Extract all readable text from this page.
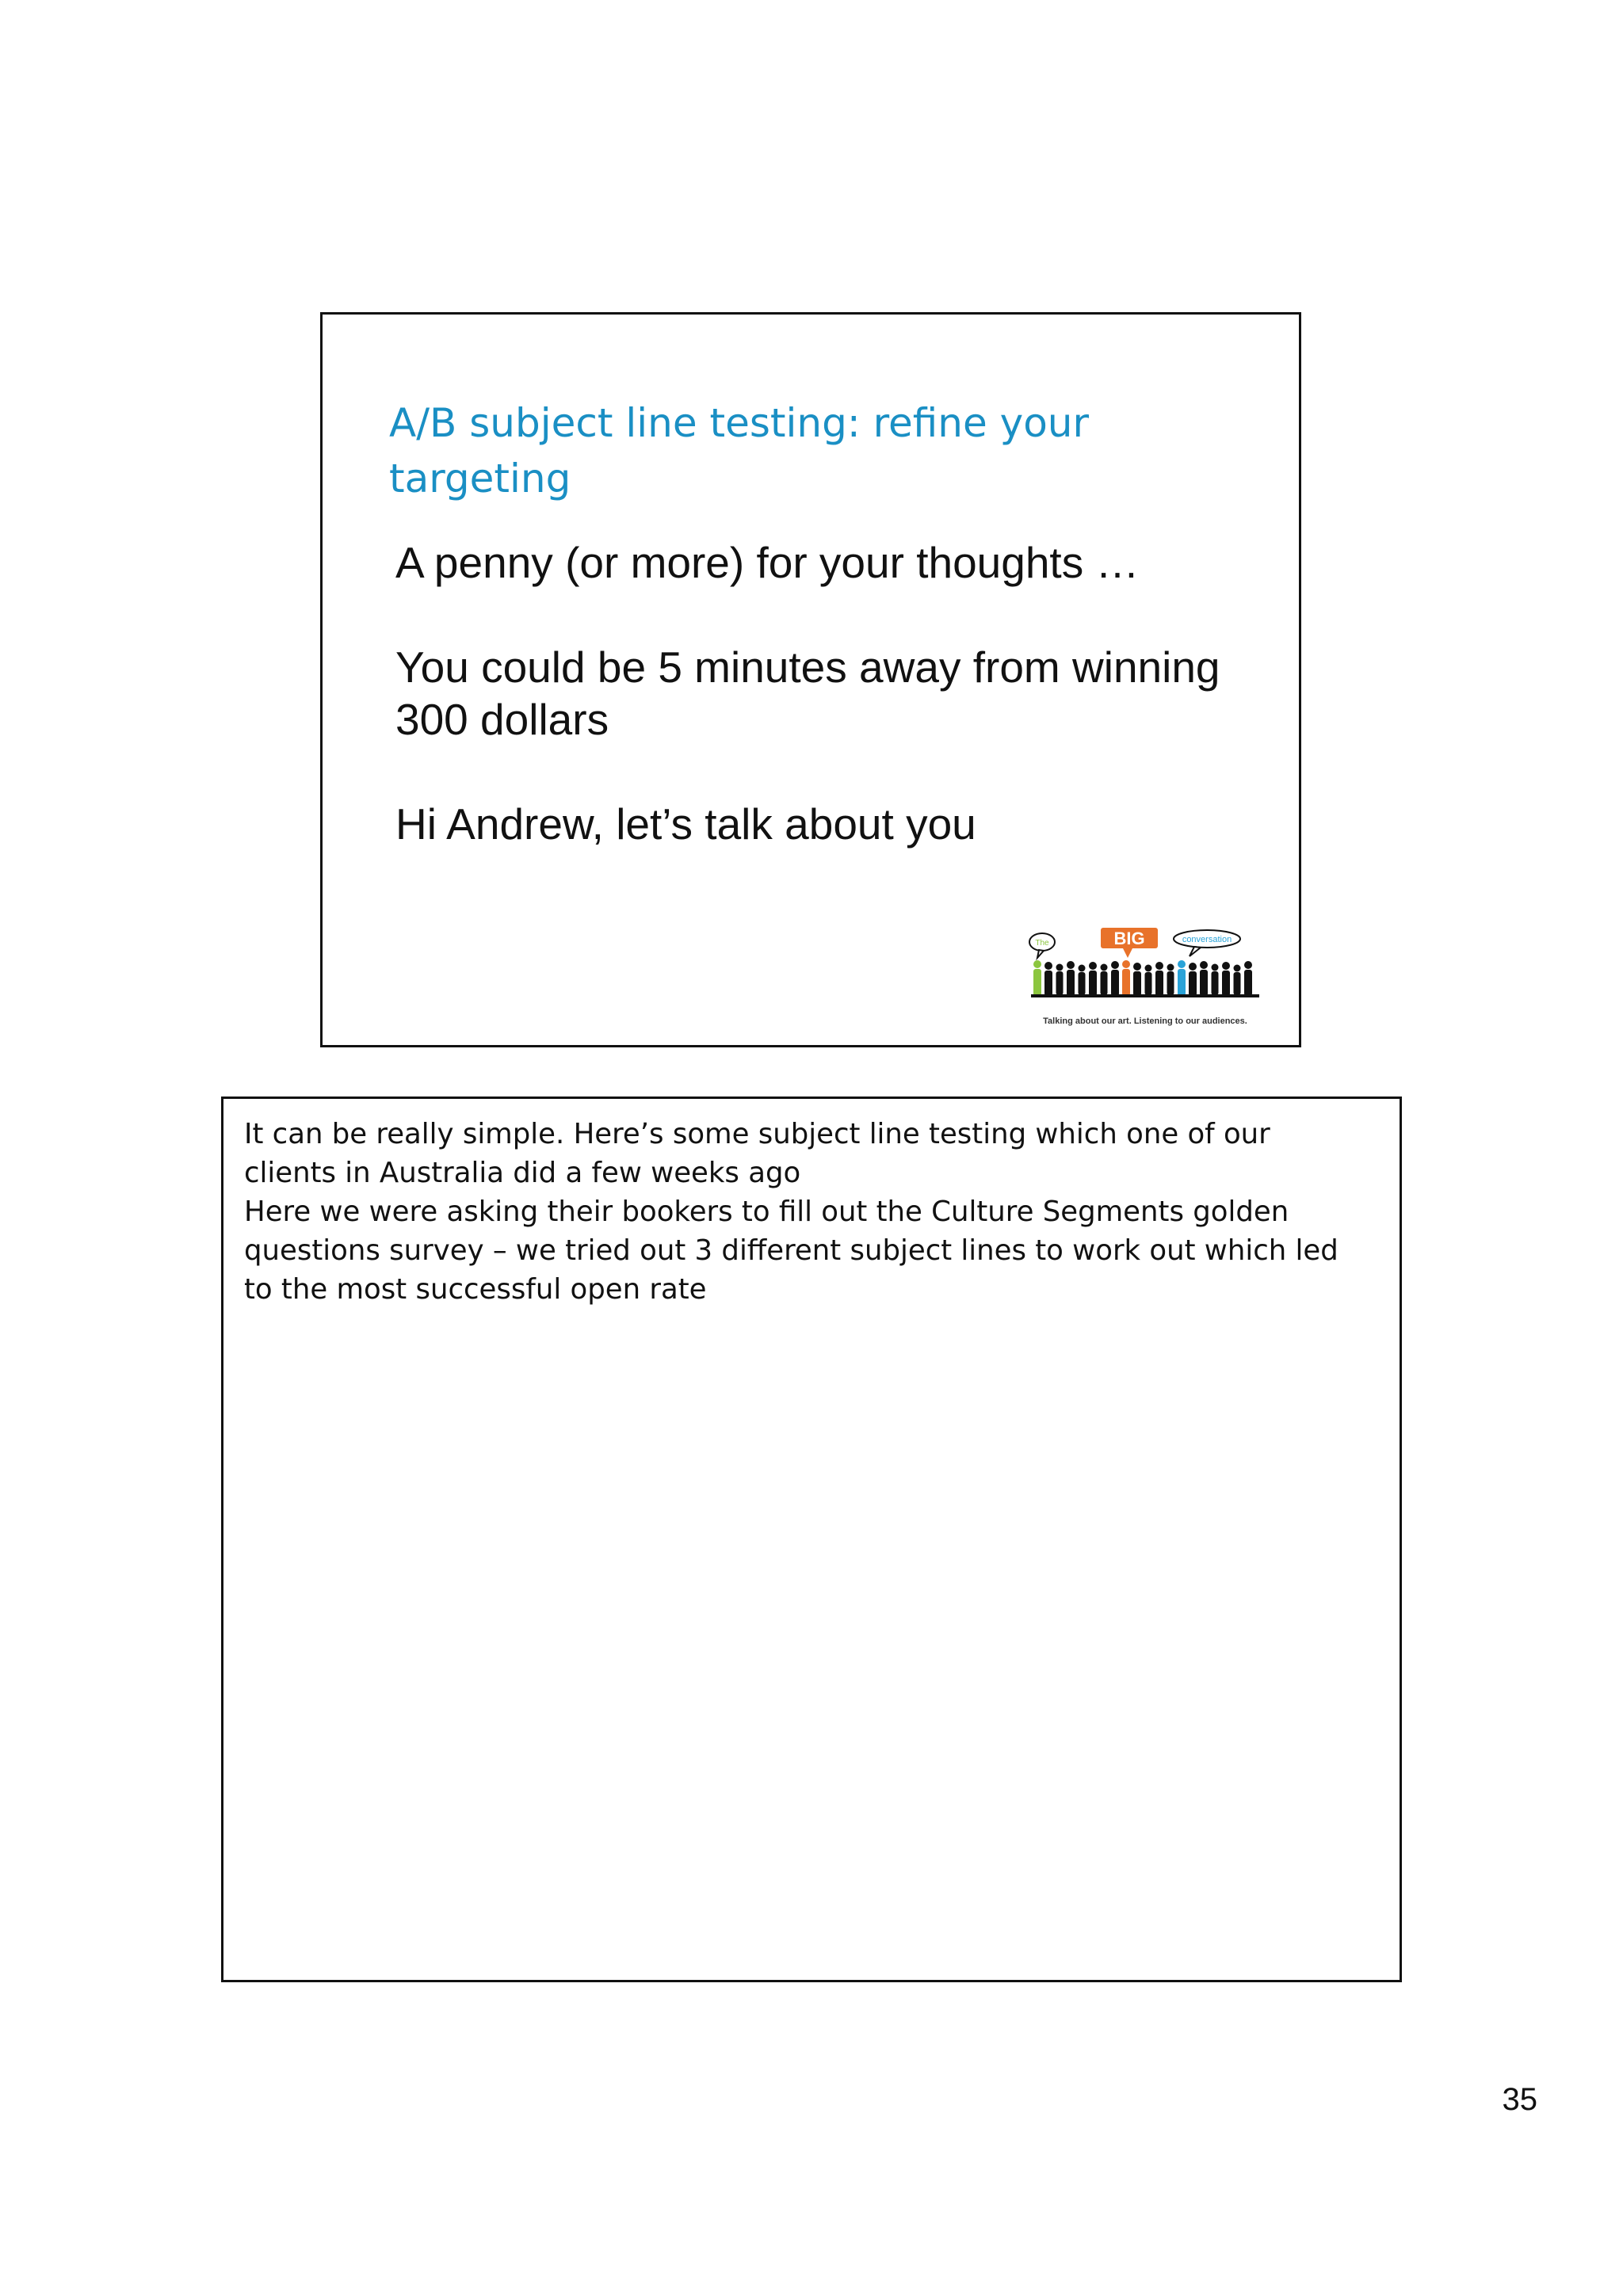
A/B subject line testing: refine your targeting
A penny (or more) for your thoughts …
You could be 5 minutes away from winning 300 dollars
Hi Andrew, let’s talk about you
The	BIG	conversation
Talking about our art. Listening to our audiences.

It can be really simple. Here’s some subject line testing which one of our clients in Australia did a few weeks ago
Here we were asking their bookers to fill out the Culture Segments golden questions survey – we tried out 3 different subject lines to work out which led to the most successful open rate

35
